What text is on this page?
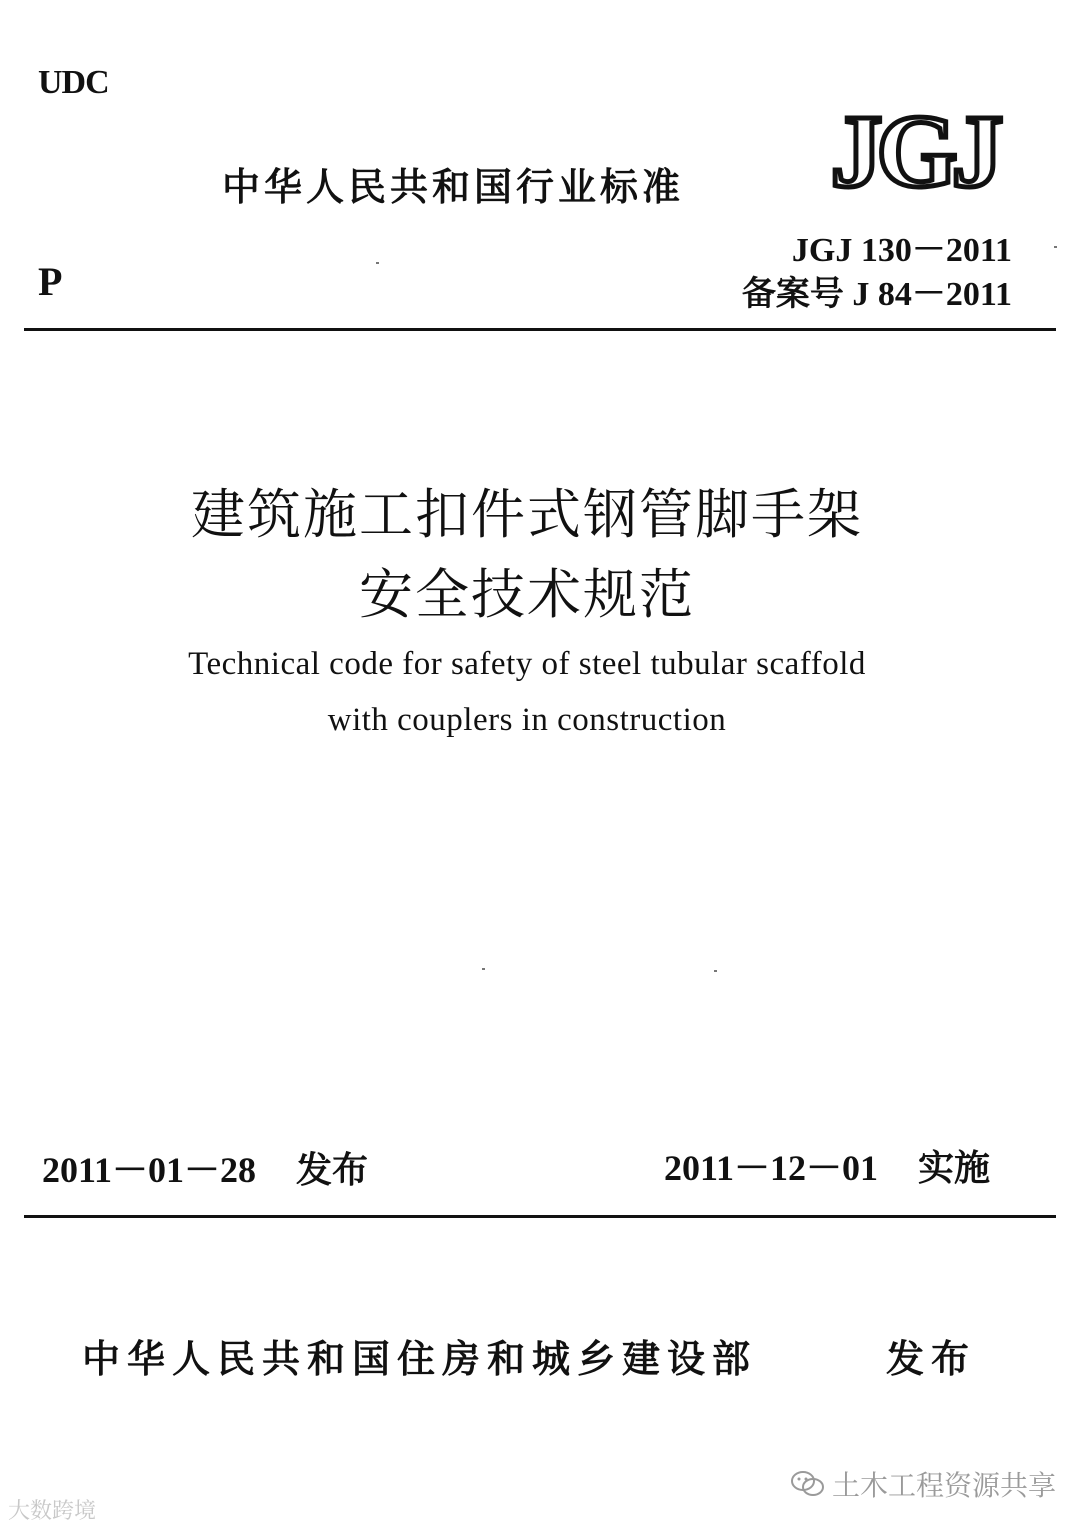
UDC
中华人民共和国行业标准 JGJ
JGJ 130－2011
备案号 J 84－2011
P
建筑施工扣件式钢管脚手架
安全技术规范
Technical code for safety of steel tubular scaffold
with couplers in construction
2011－01－28 发布	2011－12－01 实施
中华人民共和国住房和城乡建设部	发布
大数跨境
土木工程资源共享
